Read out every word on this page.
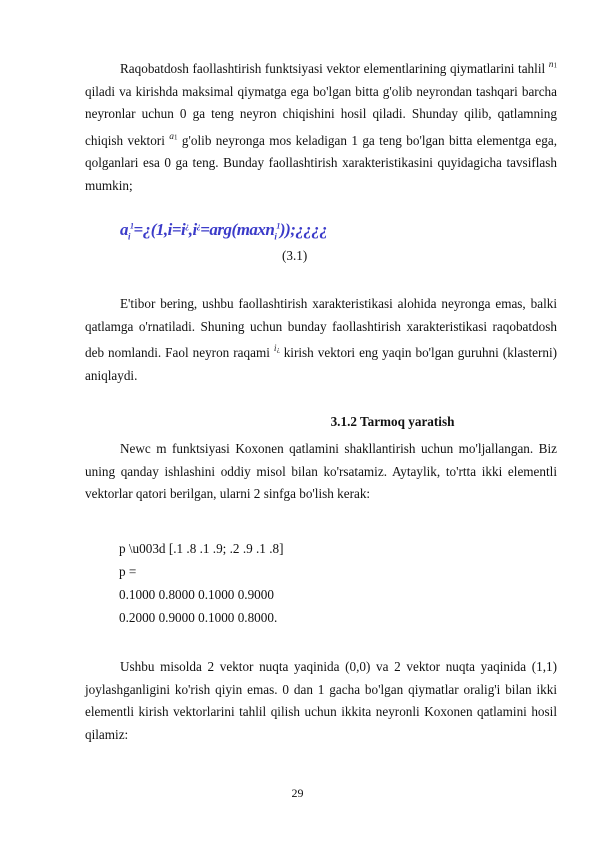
Raqobatdosh faollashtirish funktsiyasi vektor elementlarining qiymatlarini tahlil $^{n1}$ qiladi va kirishda maksimal qiymatga ega bo'lgan bitta g'olib neyrondan tashqari barcha neyronlar uchun 0 ga teng neyron chiqishini hosil qiladi. Shunday qilib, qatlamning chiqish vektori $^{a1}$ g'olib neyronga mos keladigan 1 ga teng bo'lgan bitta elementga ega, qolganlari esa 0 ga teng. Bunday faollashtirish xarakteristikasini quyidagicha tavsiflash mumkin;

$a_i^1=¿(1,i=i^¿,i^¿=arg(\max n_i^1));¿¿¿¿$
(3.1)

E'tibor bering, ushbu faollashtirish xarakteristikasi alohida neyronga emas, balki qatlamga o'rnatiladi. Shuning uchun bunday faollashtirish xarakteristikasi raqobatdosh deb nomlandi. Faol neyron raqami $^{i¿}$ kirish vektori eng yaqin bo'lgan guruhni (klasterni) aniqlaydi.

3.1.2 Tarmoq yaratish

Newc m funktsiyasi Koxonen qatlamini shakllantirish uchun mo'ljallangan. Biz uning qanday ishlashini oddiy misol bilan ko'rsatamiz. Aytaylik, to'rtta ikki elementli vektorlar qatori berilgan, ularni 2 sinfga bo'lish kerak:

p \u003d [.1 .8 .1 .9; .2 .9 .1 .8]
p =
0.1000 0.8000 0.1000 0.9000
0.2000 0.9000 0.1000 0.8000.

Ushbu misolda 2 vektor nuqta yaqinida (0,0) va 2 vektor nuqta yaqinida (1,1) joylashganligini ko'rish qiyin emas. 0 dan 1 gacha bo'lgan qiymatlar oralig'i bilan ikki elementli kirish vektorlarini tahlil qilish uchun ikkita neyronli Koxonen qatlamini hosil qilamiz:

29
